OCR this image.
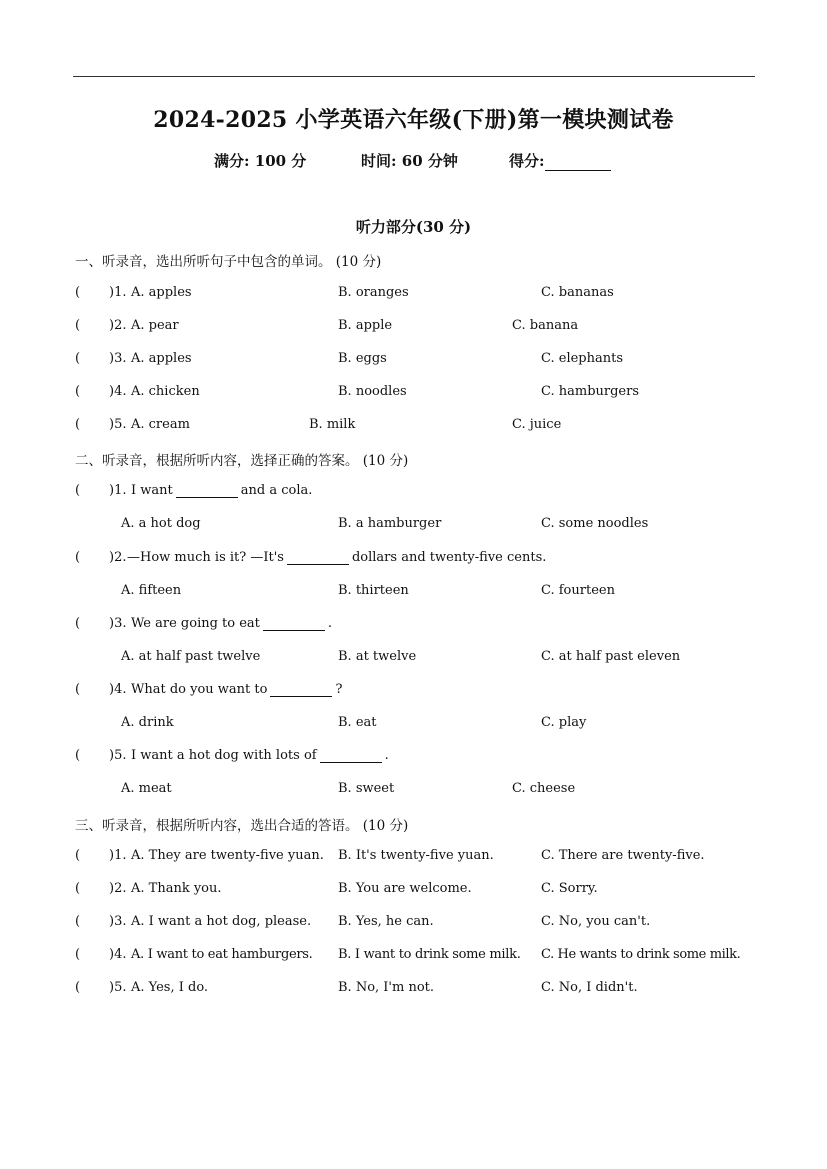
2024-2025 小学英语六年级(下册)第一模块测试卷
满分: 100 分	时间: 60 分钟	得分:
听力部分(30 分)
一、听录音，选出所听句子中包含的单词。 (10 分)
( )1. A. apples	B. oranges	C. bananas
( )2. A. pear	B. apple	C. banana
( )3. A. apples	B. eggs	C. elephants
( )4. A. chicken	B. noodles	C. hamburgers
( )5. A. cream	B. milk	C. juice
二、听录音，根据所听内容，选择正确的答案。 (10 分)
( )1. I want	and a cola.
A. a hot dog	B. a hamburger	C. some noodles
( )2. —How much is it? —It's	dollars and twenty-five cents.
A. fifteen	B. thirteen	C. fourteen
( )3. We are going to eat	.
A. at half past twelve	B. at twelve	C. at half past eleven
( )4. What do you want to	?
A. drink	B. eat	C. play
( )5. I want a hot dog with lots of	.
A. meat	B. sweet	C. cheese
三、听录音，根据所听内容，选出合适的答语。 (10 分)
( )1. A. They are twenty-five yuan. B. It's twenty-five yuan.	C. There are twenty-five.
( )2. A. Thank you.	B. You are welcome.	C. Sorry.
( )3. A. I want a hot dog, please. B. Yes, he can.	C. No, you can't.
( )4. A. I want to eat hamburgers. B. I want to drink some milk. C. He wants to drink some milk.
( )5. A. Yes, I do.	B. No, I'm not.	C. No, I didn't.
